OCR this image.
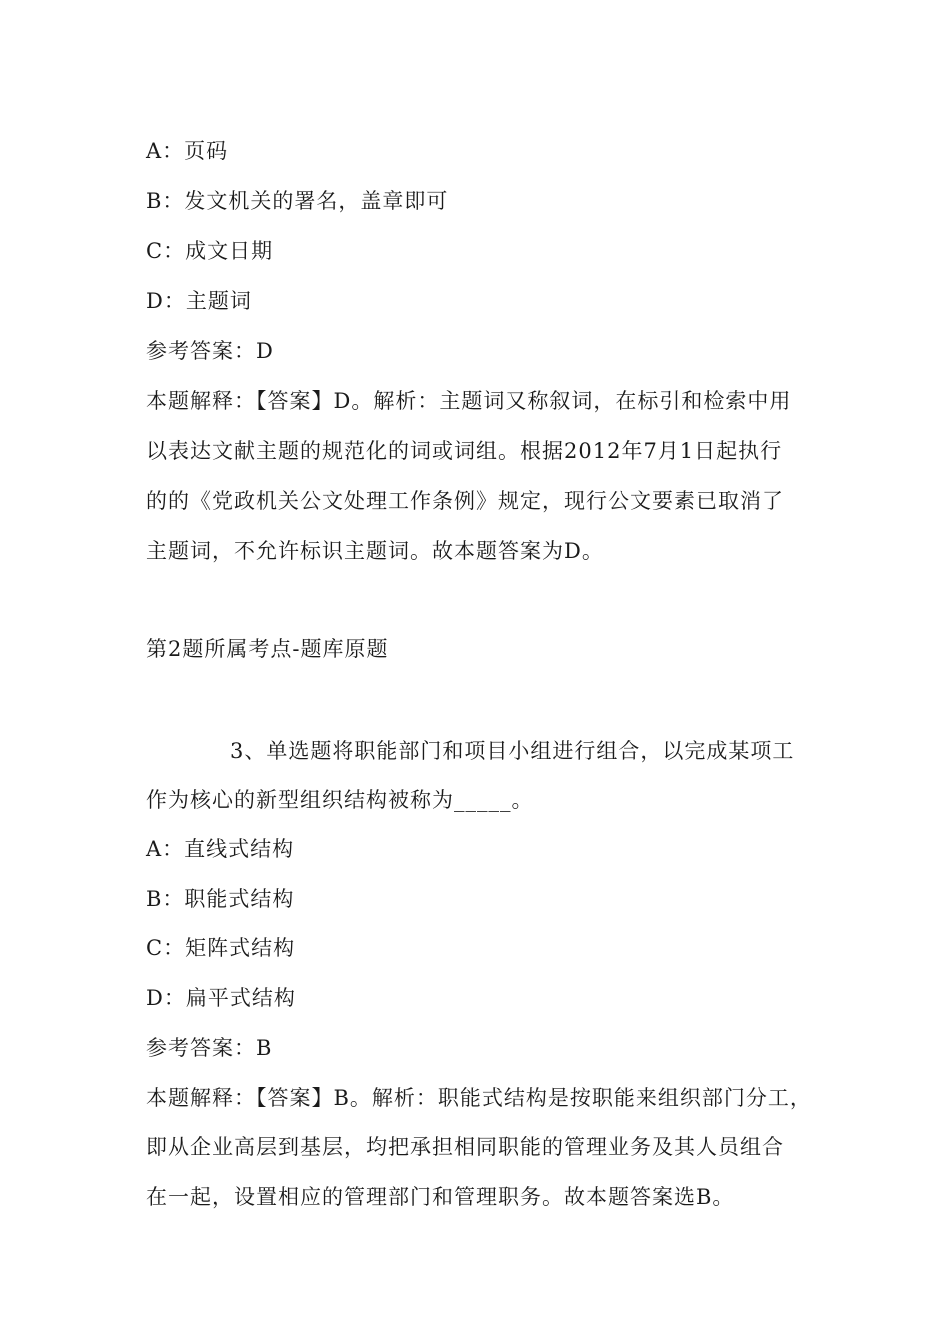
A：页码
B：发文机关的署名，盖章即可
C：成文日期
D：主题词
参考答案：D
本题解释：【答案】D。解析：主题词又称叙词，在标引和检索中用
以表达文献主题的规范化的词或词组。根据2012年7月1日起执行
的的《党政机关公文处理工作条例》规定，现行公文要素已取消了
主题词，不允许标识主题词。故本题答案为D。
第2题所属考点-题库原题
3、单选题将职能部门和项目小组进行组合，以完成某项工
作为核心的新型组织结构被称为_____。
A：直线式结构
B：职能式结构
C：矩阵式结构
D：扁平式结构
参考答案：B
本题解释：【答案】B。解析：职能式结构是按职能来组织部门分工，
即从企业高层到基层，均把承担相同职能的管理业务及其人员组合
在一起，设置相应的管理部门和管理职务。故本题答案选B。
